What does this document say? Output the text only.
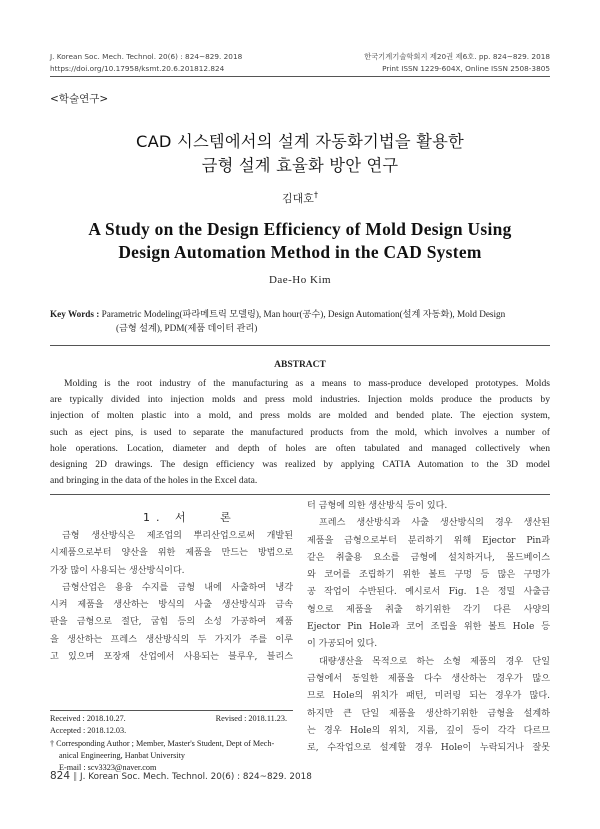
J. Korean Soc. Mech. Technol. 20(6) : 824~829. 2018
https://doi.org/10.17958/ksmt.20.6.201812.824
한국기계기술학회지 제20권 제6호. pp. 824~829. 2018
Print ISSN 1229-604X, Online ISSN 2508-3805
<학술연구>
CAD 시스템에서의 설계 자동화기법을 활용한
금형 설계 효율화 방안 연구
김대호†
A Study on the Design Efficiency of Mold Design Using
Design Automation Method in the CAD System
Dae-Ho Kim
Key Words : Parametric Modeling(파라메트릭 모델링), Man hour(공수), Design Automation(설계 자동화), Mold Design
(금형 설계), PDM(제품 데이터 관리)
ABSTRACT
Molding is the root industry of the manufacturing as a means to mass-produce developed prototypes. Molds
are typically divided into injection molds and press mold industries. Injection molds produce the products by
injection of molten plastic into a mold, and press molds are molded and bended plate. The ejection system,
such as eject pins, is used to separate the manufactured products from the mold, which involves a number of
hole operations. Location, diameter and depth of holes are often tabulated and managed collectively when
designing 2D drawings. The design efficiency was realized by applying CATIA Automation to the 3D model
and bringing in the data of the holes in the Excel data.
1. 서   론
금형 생산방식은 제조업의 뿌리산업으로써 개발된
시제품으로부터 양산을 위한 제품을 만드는 방법으로
가장 많이 사용되는 생산방식이다.
금형산업은 용융 수지를 금형 내에 사출하여 냉각
시켜 제품을 생산하는 방식의 사출 생산방식과 금속
판을 금형으로 절단, 굽힘 등의 소성 가공하여 제품
을 생산하는 프레스 생산방식의 두 가지가 주를 이루
고 있으며 포장재 산업에서 사용되는 블루우, 블리스
Received : 2018.10.27.	Revised : 2018.11.23.
Accepted : 2018.12.03.
† Corresponding Author ; Member, Master's Student, Dept of Mech-
anical Engineering, Hanbat University
E-mail : scv3323@naver.com
터 금형에 의한 생산방식 등이 있다.
프레스 생산방식과 사출 생산방식의 경우 생산된
제품을 금형으로부터 분리하기 위해 Ejector Pin과
같은 취출용 요소를 금형에 설치하거나, 몰드베이스
와 코어를 조립하기 위한 볼트 구멍 등 많은 구멍가
공 작업이 수반된다. 예시로서 Fig. 1은 정밀 사출금
형으로 제품을 취출 하기위한 각기 다른 사양의
Ejector Pin Hole과 코어 조립을 위한 볼트 Hole 등
이 가공되어 있다.
대량생산을 목적으로 하는 소형 제품의 경우 단일
금형에서 동일한 제품을 다수 생산하는 경우가 많으
므로 Hole의 위치가 패턴, 미러링 되는 경우가 많다.
하지만 큰 단일 제품을 생산하기위한 금형을 설계하
는 경우 Hole의 위치, 지름, 깊이 등이 각각 다르므
로, 수작업으로 설계할 경우 Hole이 누락되거나 잘못
824 ‖ J. Korean Soc. Mech. Technol. 20(6) : 824~829. 2018
